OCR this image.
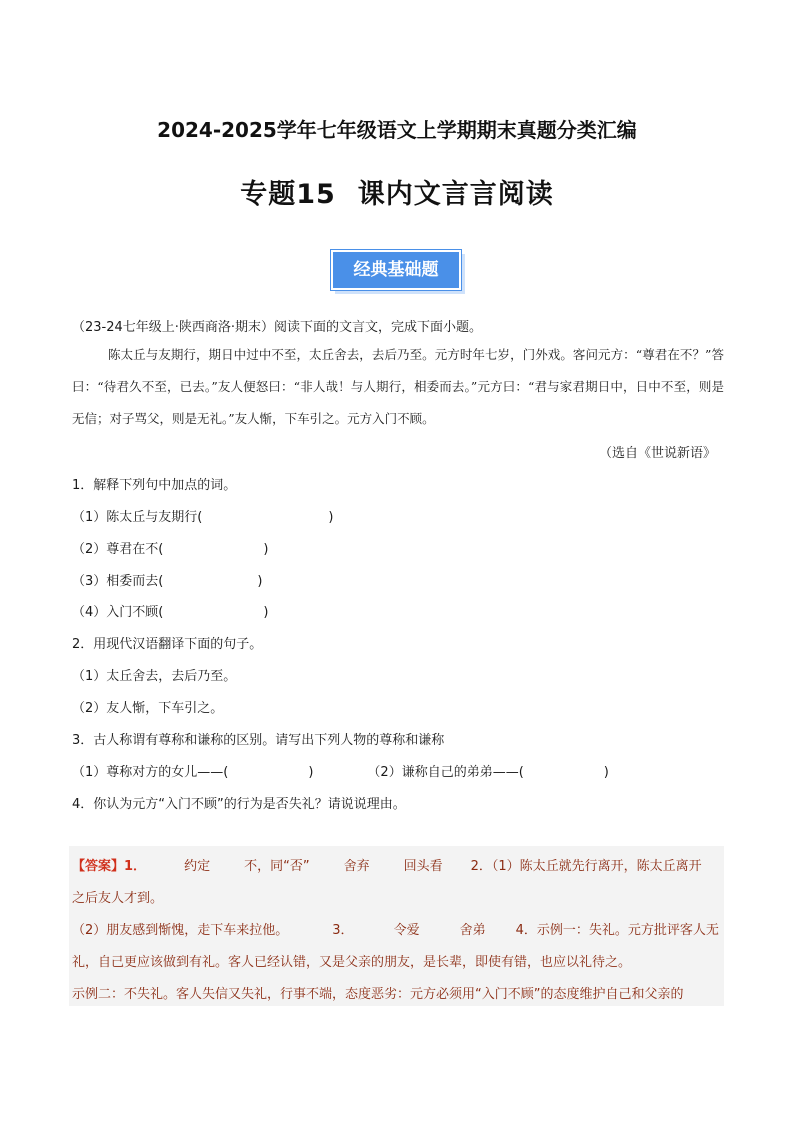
2024-2025学年七年级语文上学期期末真题分类汇编
专题15 课内文言言阅读
经典基础题
（23-24七年级上·陕西商洛·期末）阅读下面的文言文，完成下面小题。
陈太丘与友期行，期日中过中不至，太丘舍去，去后乃至。元方时年七岁，门外戏。客问元方：“尊君在不？”答曰：“待君久不至，已去。”友人便怒曰：“非人哉！与人期行，相委而去。”元方曰：“君与家君期日中，日中不至，则是无信；对子骂父，则是无礼。”友人惭，下车引之。元方入门不顾。
（选自《世说新语》
1．解释下列句中加点的词。
（1）陈太丘与友期行(	)
（2）尊君在不(	)
（3）相委而去(	)
（4）入门不顾(	)
2．用现代汉语翻译下面的句子。
（1）太丘舍去，去后乃至。
（2）友人惭，下车引之。
3．古人称谓有尊称和谦称的区别。请写出下列人物的尊称和谦称
（1）尊称对方的女儿——(	)	（2）谦称自己的弟弟——(	)
4．你认为元方“入门不顾”的行为是否失礼？请说说理由。
【答案】1．	约定	不，同“否”	舍弃	回头看 2．（1）陈太丘就先行离开，陈太丘离开
之后友人才到。
（2）朋友感到惭愧，走下车来拉他。	3．	令爱	舍弟 4．示例一：失礼。元方批评客人无
礼，自己更应该做到有礼。客人已经认错，又是父亲的朋友，是长辈，即使有错，也应以礼待之。
示例二：不失礼。客人失信又失礼，行事不端，态度恶劣：元方必须用“入门不顾”的态度维护自己和父亲的
